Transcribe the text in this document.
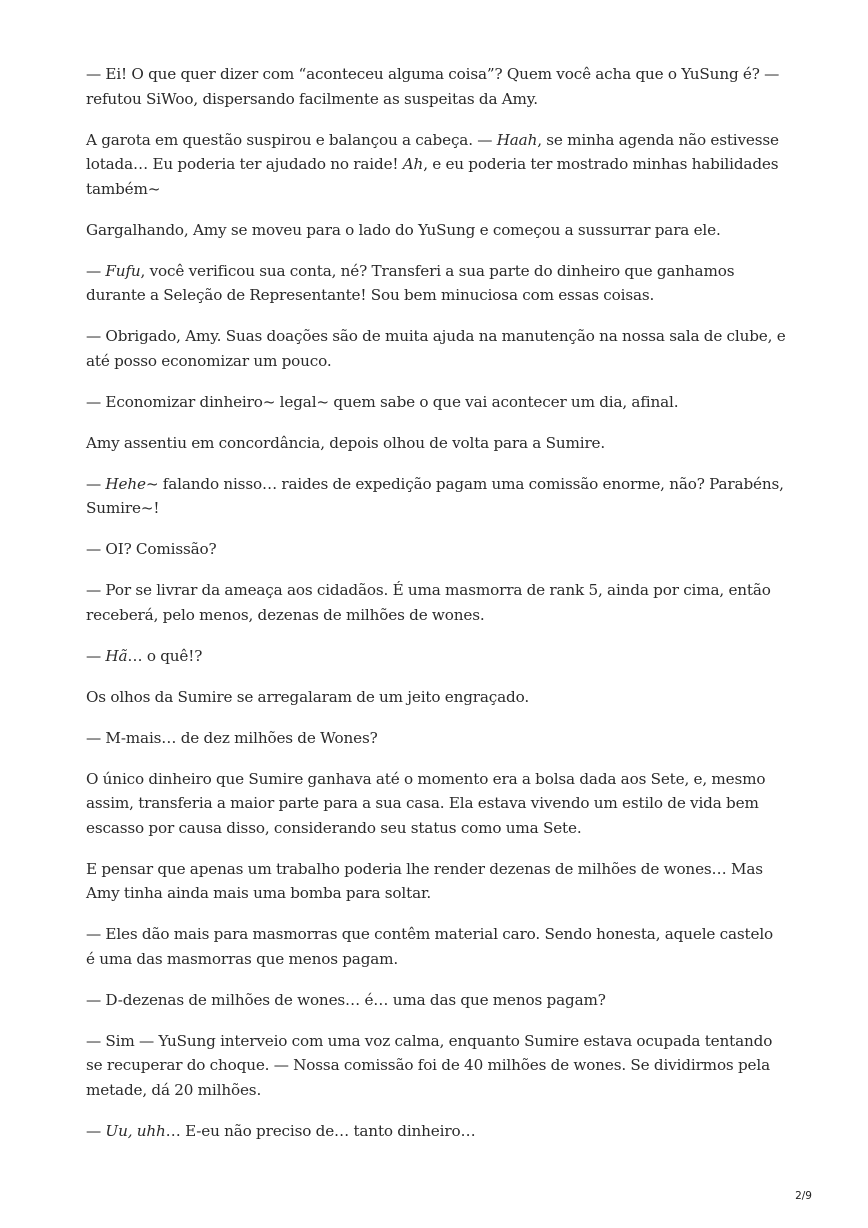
— Ei! O que quer dizer com “aconteceu alguma coisa”? Quem você acha que o YuSung é? — refutou SiWoo, dispersando facilmente as suspeitas da Amy.

A garota em questão suspirou e balançou a cabeça. — Haah, se minha agenda não estivesse lotada… Eu poderia ter ajudado no raide! Ah, e eu poderia ter mostrado minhas habilidades também~

Gargalhando, Amy se moveu para o lado do YuSung e começou a sussurrar para ele.

— Fufu, você verificou sua conta, né? Transferi a sua parte do dinheiro que ganhamos durante a Seleção de Representante! Sou bem minuciosa com essas coisas.

— Obrigado, Amy. Suas doações são de muita ajuda na manutenção na nossa sala de clube, e até posso economizar um pouco.

— Economizar dinheiro~ legal~ quem sabe o que vai acontecer um dia, afinal.

Amy assentiu em concordância, depois olhou de volta para a Sumire.

— Hehe~ falando nisso… raides de expedição pagam uma comissão enorme, não? Parabéns, Sumire~!

— OI? Comissão?

— Por se livrar da ameaça aos cidadãos. É uma masmorra de rank 5, ainda por cima, então receberá, pelo menos, dezenas de milhões de wones.

— Hã… o quê!?

Os olhos da Sumire se arregalaram de um jeito engraçado.

— M-mais… de dez milhões de Wones?

O único dinheiro que Sumire ganhava até o momento era a bolsa dada aos Sete, e, mesmo assim, transferia a maior parte para a sua casa. Ela estava vivendo um estilo de vida bem escasso por causa disso, considerando seu status como uma Sete.

E pensar que apenas um trabalho poderia lhe render dezenas de milhões de wones… Mas Amy tinha ainda mais uma bomba para soltar.

— Eles dão mais para masmorras que contêm material caro. Sendo honesta, aquele castelo é uma das masmorras que menos pagam.

— D-dezenas de milhões de wones… é… uma das que menos pagam?

— Sim — YuSung interveio com uma voz calma, enquanto Sumire estava ocupada tentando se recuperar do choque. — Nossa comissão foi de 40 milhões de wones. Se dividirmos pela metade, dá 20 milhões.

— Uu, uhh… E-eu não preciso de… tanto dinheiro…

2/9
